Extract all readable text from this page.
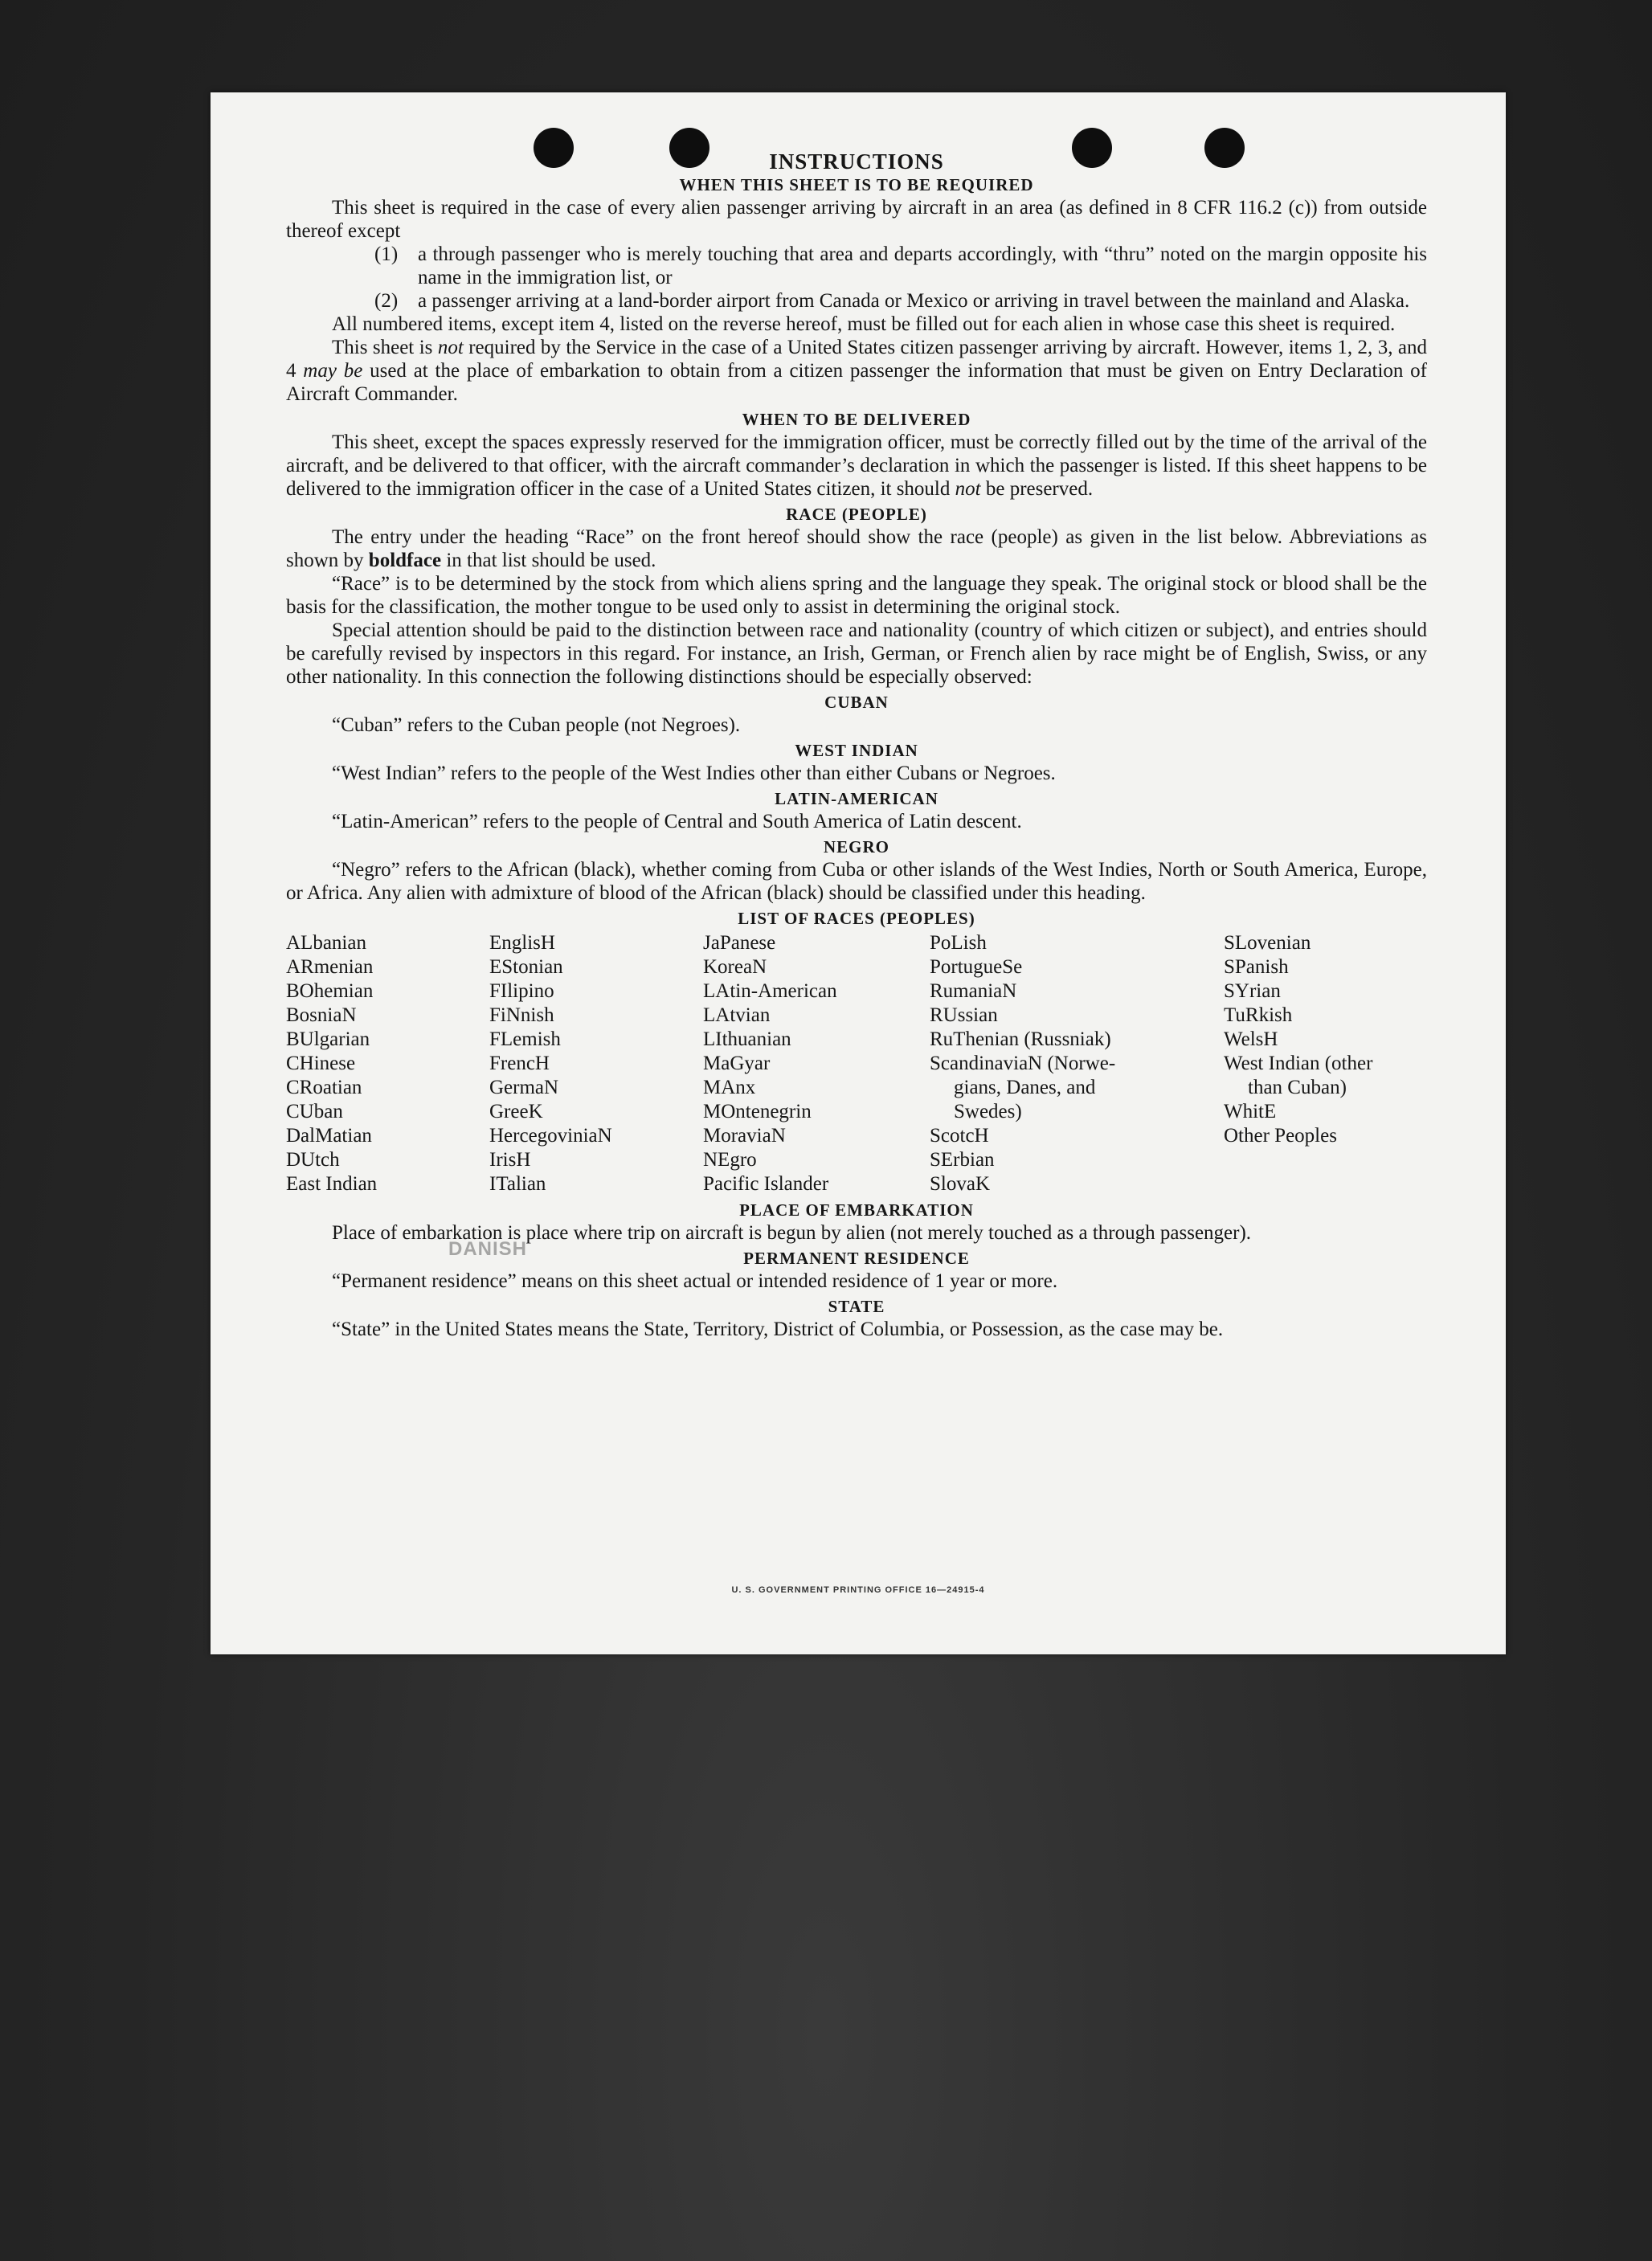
INSTRUCTIONS
WHEN THIS SHEET IS TO BE REQUIRED

This sheet is required in the case of every alien passenger arriving by aircraft in an area (as defined in 8 CFR 116.2 (c)) from outside thereof except

(1) a through passenger who is merely touching that area and departs accordingly, with “thru” noted on the margin opposite his name in the immigration list, or
(2) a passenger arriving at a land-border airport from Canada or Mexico or arriving in travel between the mainland and Alaska.

All numbered items, except item 4, listed on the reverse hereof, must be filled out for each alien in whose case this sheet is required.

This sheet is not required by the Service in the case of a United States citizen passenger arriving by aircraft. However, items 1, 2, 3, and 4 may be used at the place of embarkation to obtain from a citizen passenger the information that must be given on Entry Declaration of Aircraft Commander.

WHEN TO BE DELIVERED

This sheet, except the spaces expressly reserved for the immigration officer, must be correctly filled out by the time of the arrival of the aircraft, and be delivered to that officer, with the aircraft commander’s declaration in which the passenger is listed. If this sheet happens to be delivered to the immigration officer in the case of a United States citizen, it should not be preserved.

RACE (PEOPLE)

The entry under the heading “Race” on the front hereof should show the race (people) as given in the list below. Abbreviations as shown by boldface in that list should be used.

“Race” is to be determined by the stock from which aliens spring and the language they speak. The original stock or blood shall be the basis for the classification, the mother tongue to be used only to assist in determining the original stock.

Special attention should be paid to the distinction between race and nationality (country of which citizen or subject), and entries should be carefully revised by inspectors in this regard. For instance, an Irish, German, or French alien by race might be of English, Swiss, or any other nationality. In this connection the following distinctions should be especially observed:

CUBAN

“Cuban” refers to the Cuban people (not Negroes).

WEST INDIAN

“West Indian” refers to the people of the West Indies other than either Cubans or Negroes.

LATIN-AMERICAN

“Latin-American” refers to the people of Central and South America of Latin descent.

NEGRO

“Negro” refers to the African (black), whether coming from Cuba or other islands of the West Indies, North or South America, Europe, or Africa. Any alien with admixture of blood of the African (black) should be classified under this heading.

LIST OF RACES (PEOPLES)
ALbanian
ARmenian
BOhemian
BosniaN
BUlgarian
CHinese
CRoatian
CUban
DalMatian
DUtch
East Indian
EnglisH
EStonian
FIlipino
FiNnish
FLemish
FrencH
GermaN
GreeK
HercegoviniaN
IrisH
ITalian
JaPanese
KoreaN
LAtin-American
LAtvian
LIthuanian
MaGyar
MAnx
MOntenegrin
MoraviaN
NEgro
Pacific Islander
PoLish
PortugueSe
RumaniaN
RUssian
RuThenian (Russniak)
ScandinaviaN (Norwe-
gians, Danes, and
Swedes)
ScotcH
SErbian
SlovaK
SLovenian
SPanish
SYrian
TuRkish
WelsH
West Indian (other
than Cuban)
WhitE
Other Peoples
PLACE OF EMBARKATION

Place of embarkation is place where trip on aircraft is begun by alien (not merely touched as a through passenger).

PERMANENT RESIDENCE

“Permanent residence” means on this sheet actual or intended residence of 1 year or more.

STATE

“State” in the United States means the State, Territory, District of Columbia, or Possession, as the case may be.

DANISH
U. S. GOVERNMENT PRINTING OFFICE 16—24915-4
